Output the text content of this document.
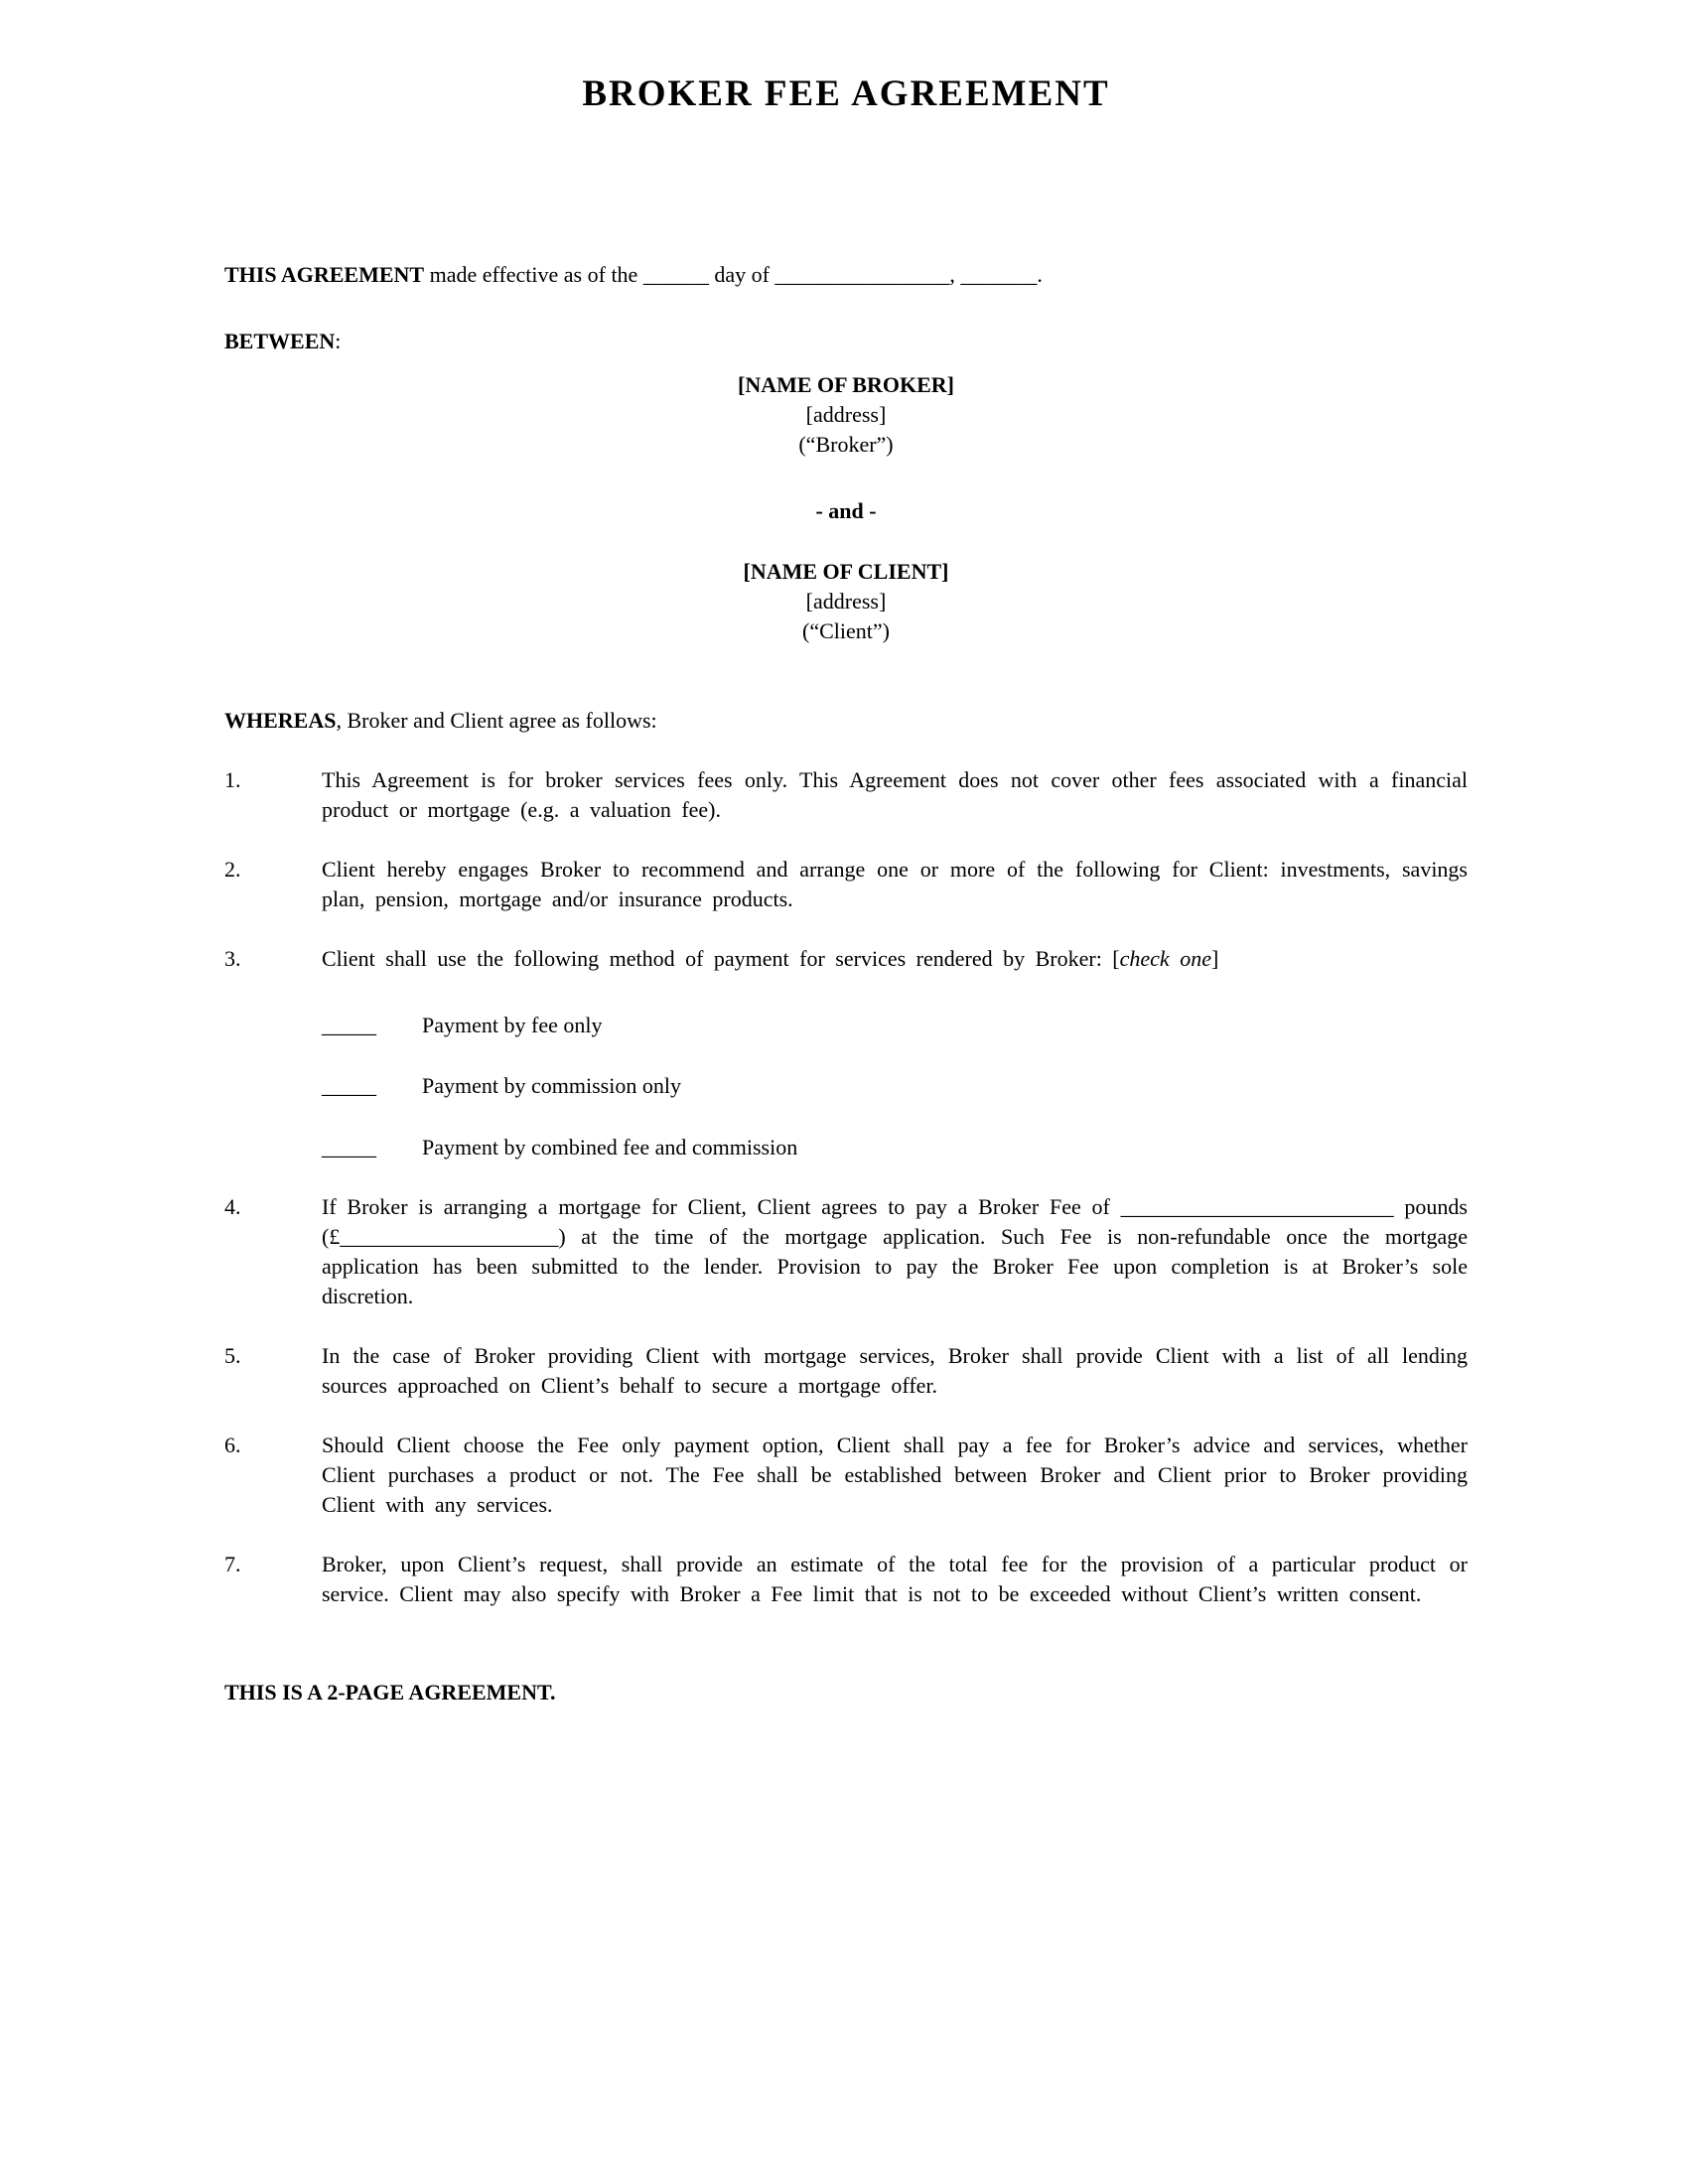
BROKER FEE AGREEMENT

THIS AGREEMENT made effective as of the ______ day of ________________, _______.

BETWEEN:

[NAME OF BROKER]
[address]
(“Broker”)
- and -
[NAME OF CLIENT]
[address]
(“Client”)

WHEREAS, Broker and Client agree as follows:

1.	This Agreement is for broker services fees only. This Agreement does not cover other fees associated with a financial product or mortgage (e.g. a valuation fee).
2.	Client hereby engages Broker to recommend and arrange one or more of the following for Client: investments, savings plan, pension, mortgage and/or insurance products.
3.	Client shall use the following method of payment for services rendered by Broker: [check one]
_____	Payment by fee only
_____	Payment by commission only
_____	Payment by combined fee and commission
4.	If Broker is arranging a mortgage for Client, Client agrees to pay a Broker Fee of _________________________ pounds (£____________________) at the time of the mortgage application. Such Fee is non-refundable once the mortgage application has been submitted to the lender. Provision to pay the Broker Fee upon completion is at Broker’s sole discretion.
5.	In the case of Broker providing Client with mortgage services, Broker shall provide Client with a list of all lending sources approached on Client’s behalf to secure a mortgage offer.
6.	Should Client choose the Fee only payment option, Client shall pay a fee for Broker’s advice and services, whether Client purchases a product or not. The Fee shall be established between Broker and Client prior to Broker providing Client with any services.
7.	Broker, upon Client’s request, shall provide an estimate of the total fee for the provision of a particular product or service. Client may also specify with Broker a Fee limit that is not to be exceeded without Client’s written consent.

THIS IS A 2-PAGE AGREEMENT.
